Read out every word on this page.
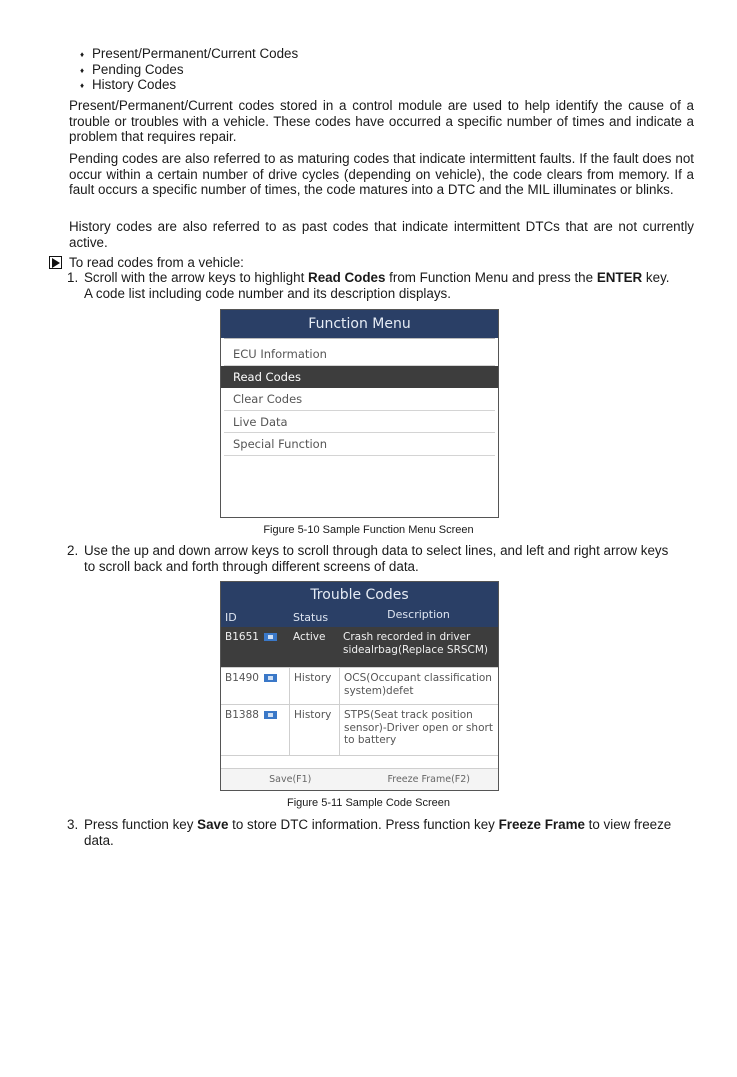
♦ Present/Permanent/Current Codes
♦ Pending Codes
♦ History Codes

Present/Permanent/Current codes stored in a control module are used to help identify the cause of a trouble or troubles with a vehicle. These codes have occurred a specific number of times and indicate a problem that requires repair.

Pending codes are also referred to as maturing codes that indicate intermittent faults. If the fault does not occur within a certain number of drive cycles (depending on vehicle), the code clears from memory. If a fault occurs a specific number of times, the code matures into a DTC and the MIL illuminates or blinks.

History codes are also referred to as past codes that indicate intermittent DTCs that are not currently active.

To read codes from a vehicle:
1. Scroll with the arrow keys to highlight Read Codes from Function Menu and press the ENTER key.
A code list including code number and its description displays.
Function Menu
ECU Information
Read Codes
Clear Codes
Live Data
Special Function
Figure 5-10 Sample Function Menu Screen
2. Use the up and down arrow keys to scroll through data to select lines, and left and right arrow keys
to scroll back and forth through different screens of data.
Trouble Codes
ID	Status	Description
B1651	Active	Crash recorded in driver sidealrbag(Replace SRSCM)
B1490	History	OCS(Occupant classification system)defet
B1388	History	STPS(Seat track position sensor)-Driver open or short to battery
Save(F1)	Freeze Frame(F2)
Figure 5-11 Sample Code Screen
3. Press function key Save to store DTC information. Press function key Freeze Frame to view freeze
data.
